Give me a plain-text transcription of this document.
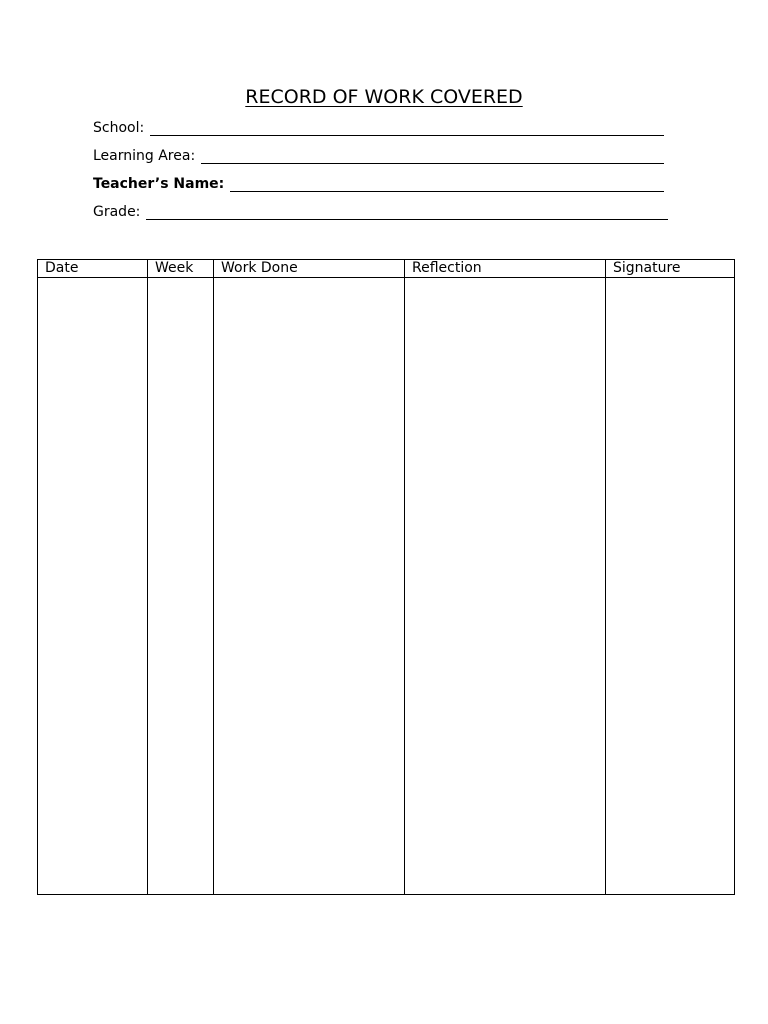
RECORD OF WORK COVERED
School:
Learning Area:
Teacher’s Name:
Grade:
Date	Week	Work Done	Reflection	Signature
